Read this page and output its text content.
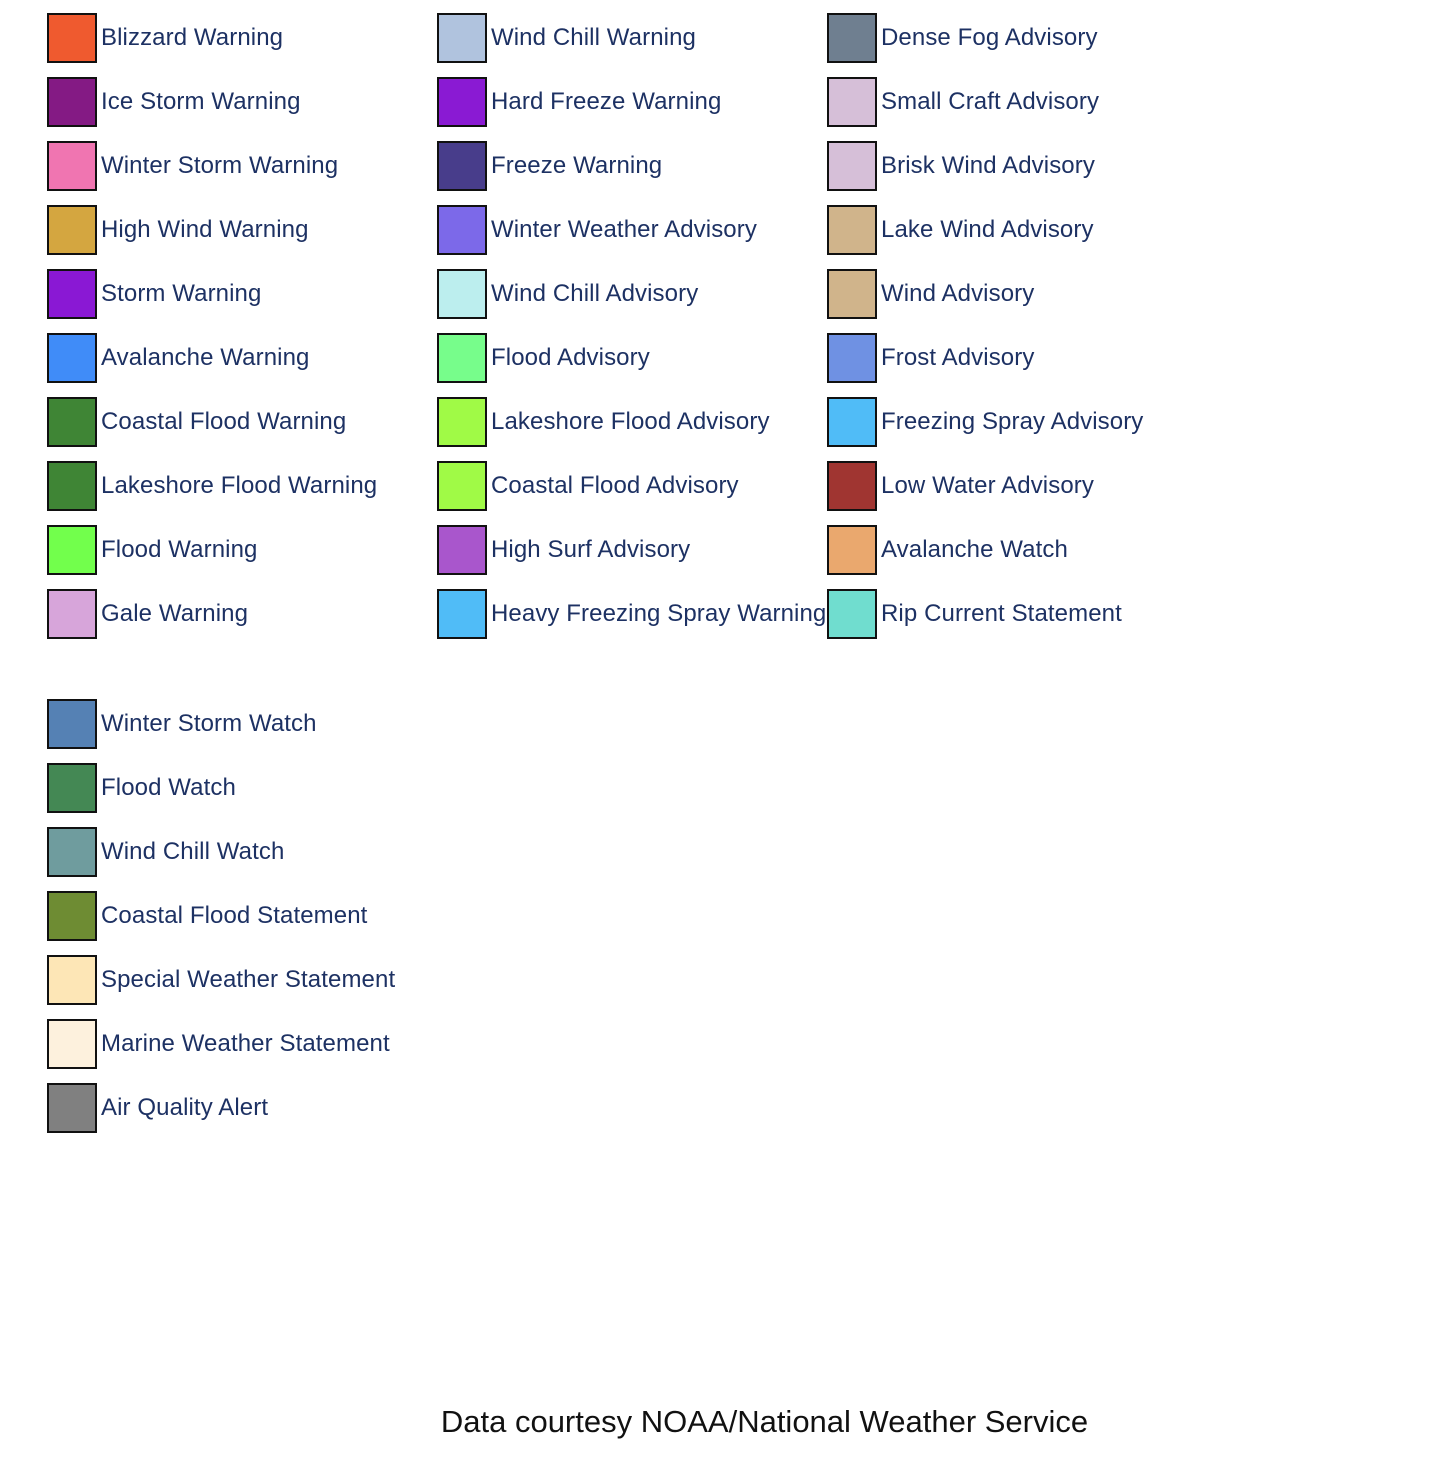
Blizzard Warning
Ice Storm Warning
Winter Storm Warning
High Wind Warning
Storm Warning
Avalanche Warning
Coastal Flood Warning
Lakeshore Flood Warning
Flood Warning
Gale Warning
Wind Chill Warning
Hard Freeze Warning
Freeze Warning
Winter Weather Advisory
Wind Chill Advisory
Flood Advisory
Lakeshore Flood Advisory
Coastal Flood Advisory
High Surf Advisory
Heavy Freezing Spray Warning
Dense Fog Advisory
Small Craft Advisory
Brisk Wind Advisory
Lake Wind Advisory
Wind Advisory
Frost Advisory
Freezing Spray Advisory
Low Water Advisory
Avalanche Watch
Rip Current Statement
Winter Storm Watch
Flood Watch
Wind Chill Watch
Coastal Flood Statement
Special Weather Statement
Marine Weather Statement
Air Quality Alert
Data courtesy NOAA/National Weather Service
